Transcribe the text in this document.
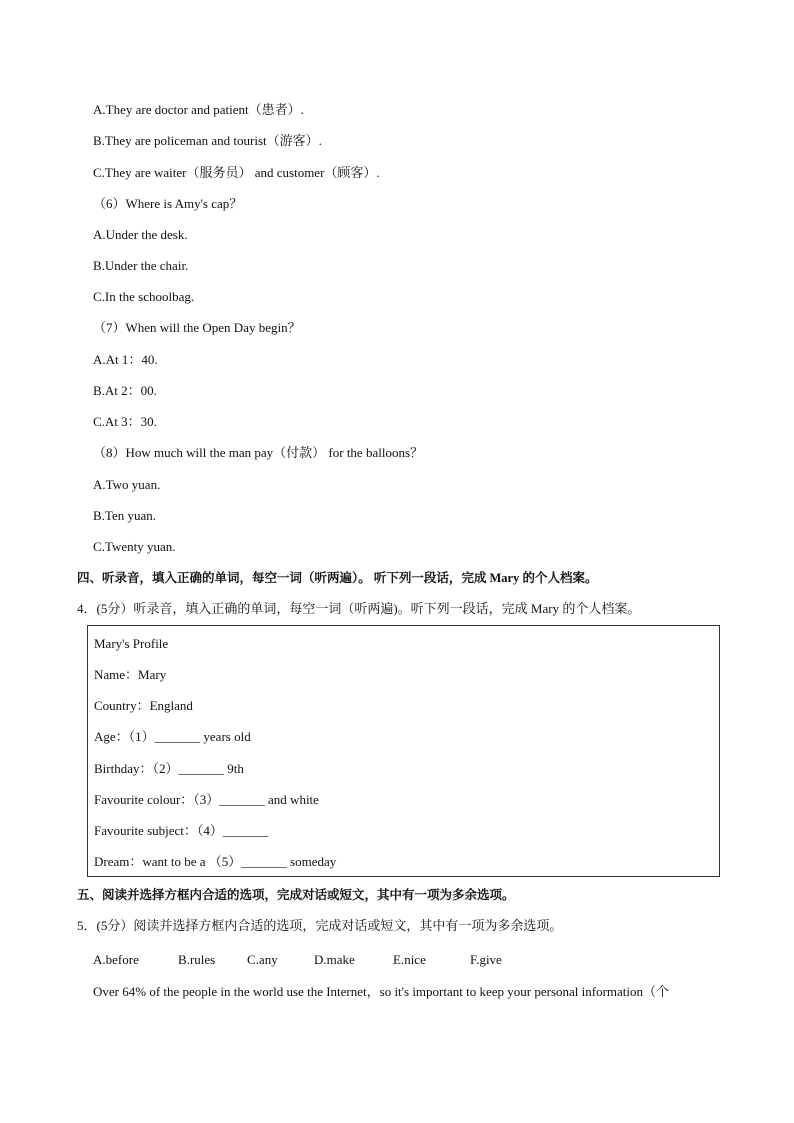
A.They are doctor and patient（患者）.
B.They are policeman and tourist（游客）.
C.They are waiter（服务员） and customer（顾客）.
（6）Where is Amy's cap？
A.Under the desk.
B.Under the chair.
C.In the schoolbag.
（7）When will the Open Day begin？
A.At 1：40.
B.At 2：00.
C.At 3：30.
（8）How much will the man pay（付款） for the balloons？
A.Two yuan.
B.Ten yuan.
C.Twenty yuan.
四、听录音，填入正确的单词，每空一词（听两遍）。 听下列一段话，完成 Mary 的个人档案。
4．(5分）听录音，填入正确的单词，每空一词（听两遍)。听下列一段话，完成 Mary 的个人档案。
Mary's Profile
Name：Mary
Country：England
Age：（1）_______ years old
Birthday：（2）_______ 9th
Favourite colour：（3）_______ and white
Favourite subject：（4）_______
Dream：want to be a （5）_______ someday
五、阅读并选择方框内合适的选项，完成对话或短文，其中有一项为多余选项。
5．(5分）阅读并选择方框内合适的选项，完成对话或短文，其中有一项为多余选项。
A.before	B.rules C.any	D.make	E.nice	F.give
Over 64% of the people in the world use the Internet，so it's important to keep your personal information（个
